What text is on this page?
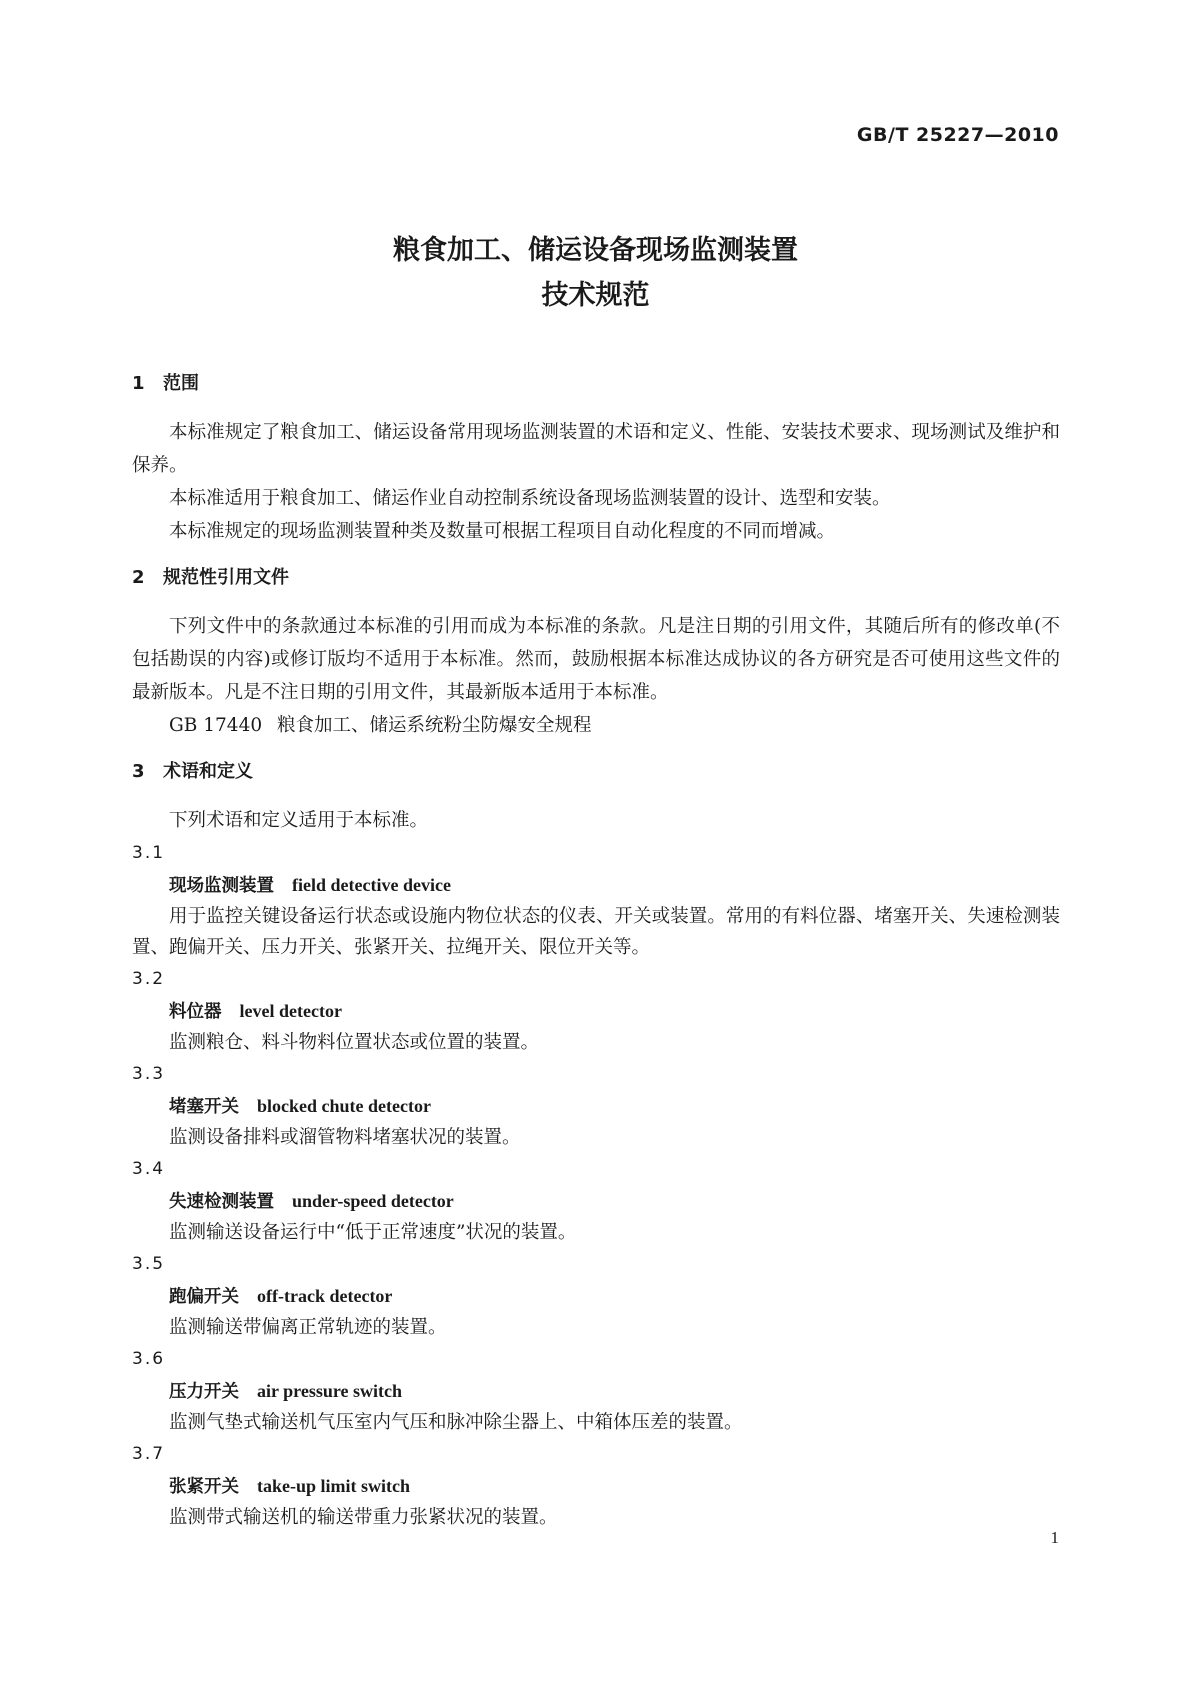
GB/T 25227—2010
粮食加工、储运设备现场监测装置
技术规范
1 范围

本标准规定了粮食加工、储运设备常用现场监测装置的术语和定义、性能、安装技术要求、现场测试及维护和保养。

本标准适用于粮食加工、储运作业自动控制系统设备现场监测装置的设计、选型和安装。

本标准规定的现场监测装置种类及数量可根据工程项目自动化程度的不同而增减。

2 规范性引用文件

下列文件中的条款通过本标准的引用而成为本标准的条款。凡是注日期的引用文件，其随后所有的修改单(不包括勘误的内容)或修订版均不适用于本标准。然而，鼓励根据本标准达成协议的各方研究是否可使用这些文件的最新版本。凡是不注日期的引用文件，其最新版本适用于本标准。

GB 17440 粮食加工、储运系统粉尘防爆安全规程
3 术语和定义

下列术语和定义适用于本标准。

3.1
现场监测装置 field detective device
用于监控关键设备运行状态或设施内物位状态的仪表、开关或装置。常用的有料位器、堵塞开关、失速检测装置、跑偏开关、压力开关、张紧开关、拉绳开关、限位开关等。
3.2
料位器 level detector
监测粮仓、料斗物料位置状态或位置的装置。
3.3
堵塞开关 blocked chute detector
监测设备排料或溜管物料堵塞状况的装置。
3.4
失速检测装置 under-speed detector
监测输送设备运行中“低于正常速度”状况的装置。
3.5
跑偏开关 off-track detector
监测输送带偏离正常轨迹的装置。
3.6
压力开关 air pressure switch
监测气垫式输送机气压室内气压和脉冲除尘器上、中箱体压差的装置。
3.7
张紧开关 take-up limit switch
监测带式输送机的输送带重力张紧状况的装置。
1
